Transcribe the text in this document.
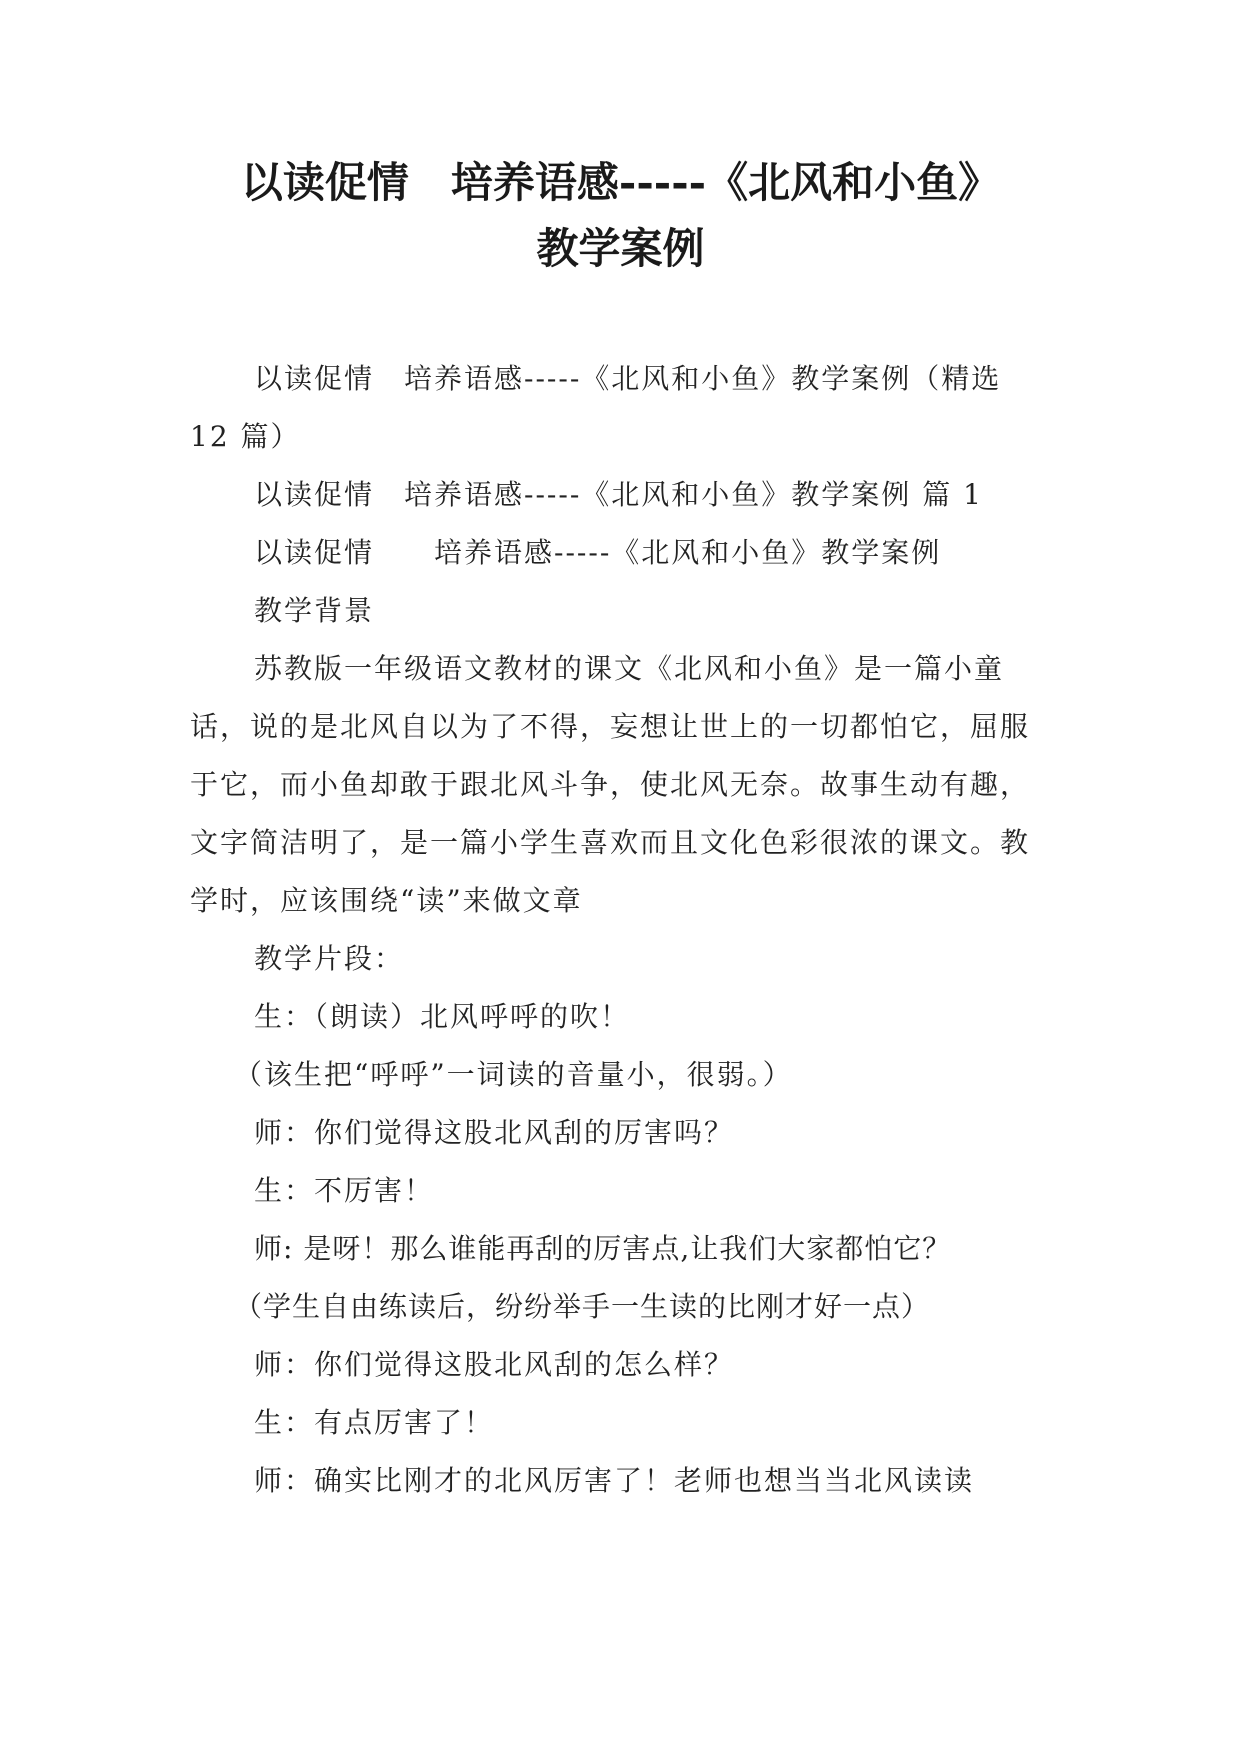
以读促情　培养语感-----《北风和小鱼》
教学案例

以读促情　培养语感-----《北风和小鱼》教学案例（精选 12 篇）

以读促情　培养语感-----《北风和小鱼》教学案例 篇 1

以读促情　　培养语感-----《北风和小鱼》教学案例

教学背景

苏教版一年级语文教材的课文《北风和小鱼》是一篇小童话，说的是北风自以为了不得，妄想让世上的一切都怕它，屈服于它，而小鱼却敢于跟北风斗争，使北风无奈。故事生动有趣，文字简洁明了，是一篇小学生喜欢而且文化色彩很浓的课文。教学时，应该围绕“读”来做文章

教学片段：

生：（朗读）北风呼呼的吹！

（该生把“呼呼”一词读的音量小，很弱。）

师：你们觉得这股北风刮的厉害吗？

生：不厉害！

师: 是呀！那么谁能再刮的厉害点,让我们大家都怕它？

（学生自由练读后，纷纷举手一生读的比刚才好一点）

师：你们觉得这股北风刮的怎么样？

生：有点厉害了！

师：确实比刚才的北风厉害了！老师也想当当北风读读
